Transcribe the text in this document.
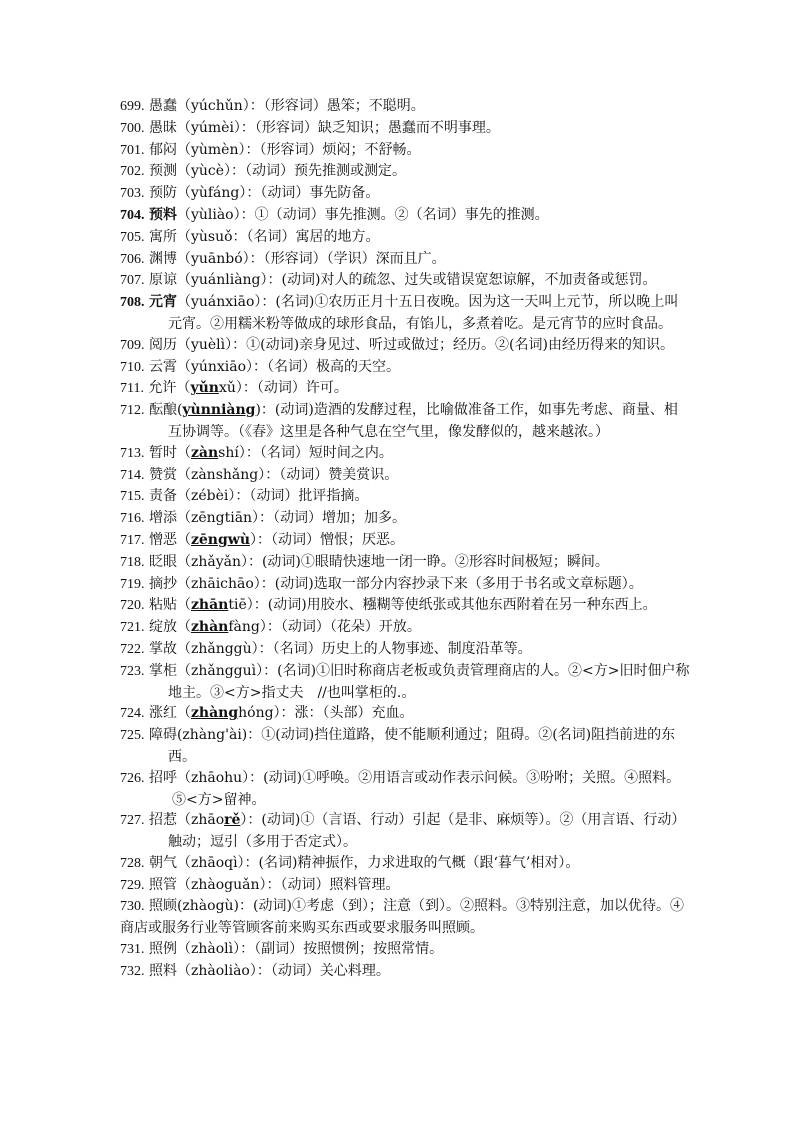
699. 愚蠢（yúchǔn）：（形容词）愚笨；不聪明。

700. 愚昧（yúmèi）：（形容词）缺乏知识；愚蠢而不明事理。

701. 郁闷（yùmèn）：（形容词）烦闷；不舒畅。

702. 预测（yùcè）：（动词）预先推测或测定。

703. 预防（yùfáng）：（动词）事先防备。

704. 预料（yùliào）：①（动词）事先推测。②（名词）事先的推测。

705. 寓所（yùsuǒ：（名词）寓居的地方。

706. 渊博（yuānbó）：（形容词）（学识）深而且广。

707. 原谅（yuánliàng）：(动词)对人的疏忽、过失或错误宽恕谅解，不加责备或惩罚。

708. 元宵（yuánxiāo）：(名词)①农历正月十五日夜晚。因为这一天叫上元节，所以晚上叫元宵。②用糯米粉等做成的球形食品，有馅儿，多煮着吃。是元宵节的应时食品。

709. 阅历（yuèlì）：①(动词)亲身见过、听过或做过；经历。②(名词)由经历得来的知识。

710. 云霄（yúnxiāo）：（名词）极高的天空。

711. 允许（yǔnxǔ）：（动词）许可。

712. 酝酿(yùnniàng)：(动词)造酒的发酵过程，比喻做准备工作，如事先考虑、商量、相互协调等。（《春》这里是各种气息在空气里，像发酵似的，越来越浓。）

713. 暂时（zànshí）：（名词）短时间之内。

714. 赞赏（zànshǎng）：（动词）赞美赏识。

715. 责备（zébèi）：（动词）批评指摘。

716. 增添（zēngtiān）：（动词）增加；加多。

717. 憎恶（zēngwù）：（动词）憎恨；厌恶。

718. 眨眼（zhǎyǎn）：(动词)①眼睛快速地一闭一睁。②形容时间极短；瞬间。

719. 摘抄（zhāichāo）：(动词)选取一部分内容抄录下来（多用于书名或文章标题）。

720. 粘贴（zhāntiē）：(动词)用胶水、糨糊等使纸张或其他东西附着在另一种东西上。

721. 绽放（zhànfàng）：（动词）（花朵）开放。

722. 掌故（zhǎnggù）：（名词）历史上的人物事迹、制度沿革等。

723. 掌柜（zhǎngguì）：(名词)①旧时称商店老板或负责管理商店的人。②<方>旧时佃户称地主。③<方>指丈夫　//也叫掌柜的.。

724. 涨红（zhànghóng）：涨：（头部）充血。

725. 障碍(zhàng'ài)：①(动词)挡住道路，使不能顺利通过；阻碍。②(名词)阻挡前进的东西。

726. 招呼（zhāohu）：(动词)①呼唤。②用语言或动作表示问候。③吩咐；关照。④照料。

⑤<方>留神。

727. 招惹（zhāorě）：(动词)①（言语、行动）引起（是非、麻烦等）。②（用言语、行动）触动；逗引（多用于否定式）。

728. 朝气（zhāoqì）：(名词)精神振作，力求进取的气概（跟‘暮气’相对）。

729. 照管（zhàoguǎn）：（动词）照料管理。

730. 照顾(zhàogù)：(动词)①考虑（到）；注意（到）。②照料。③特别注意，加以优待。④商店或服务行业等管顾客前来购买东西或要求服务叫照顾。

731. 照例（zhàolì）：（副词）按照惯例；按照常情。

732. 照料（zhàoliào）：（动词）关心料理。
